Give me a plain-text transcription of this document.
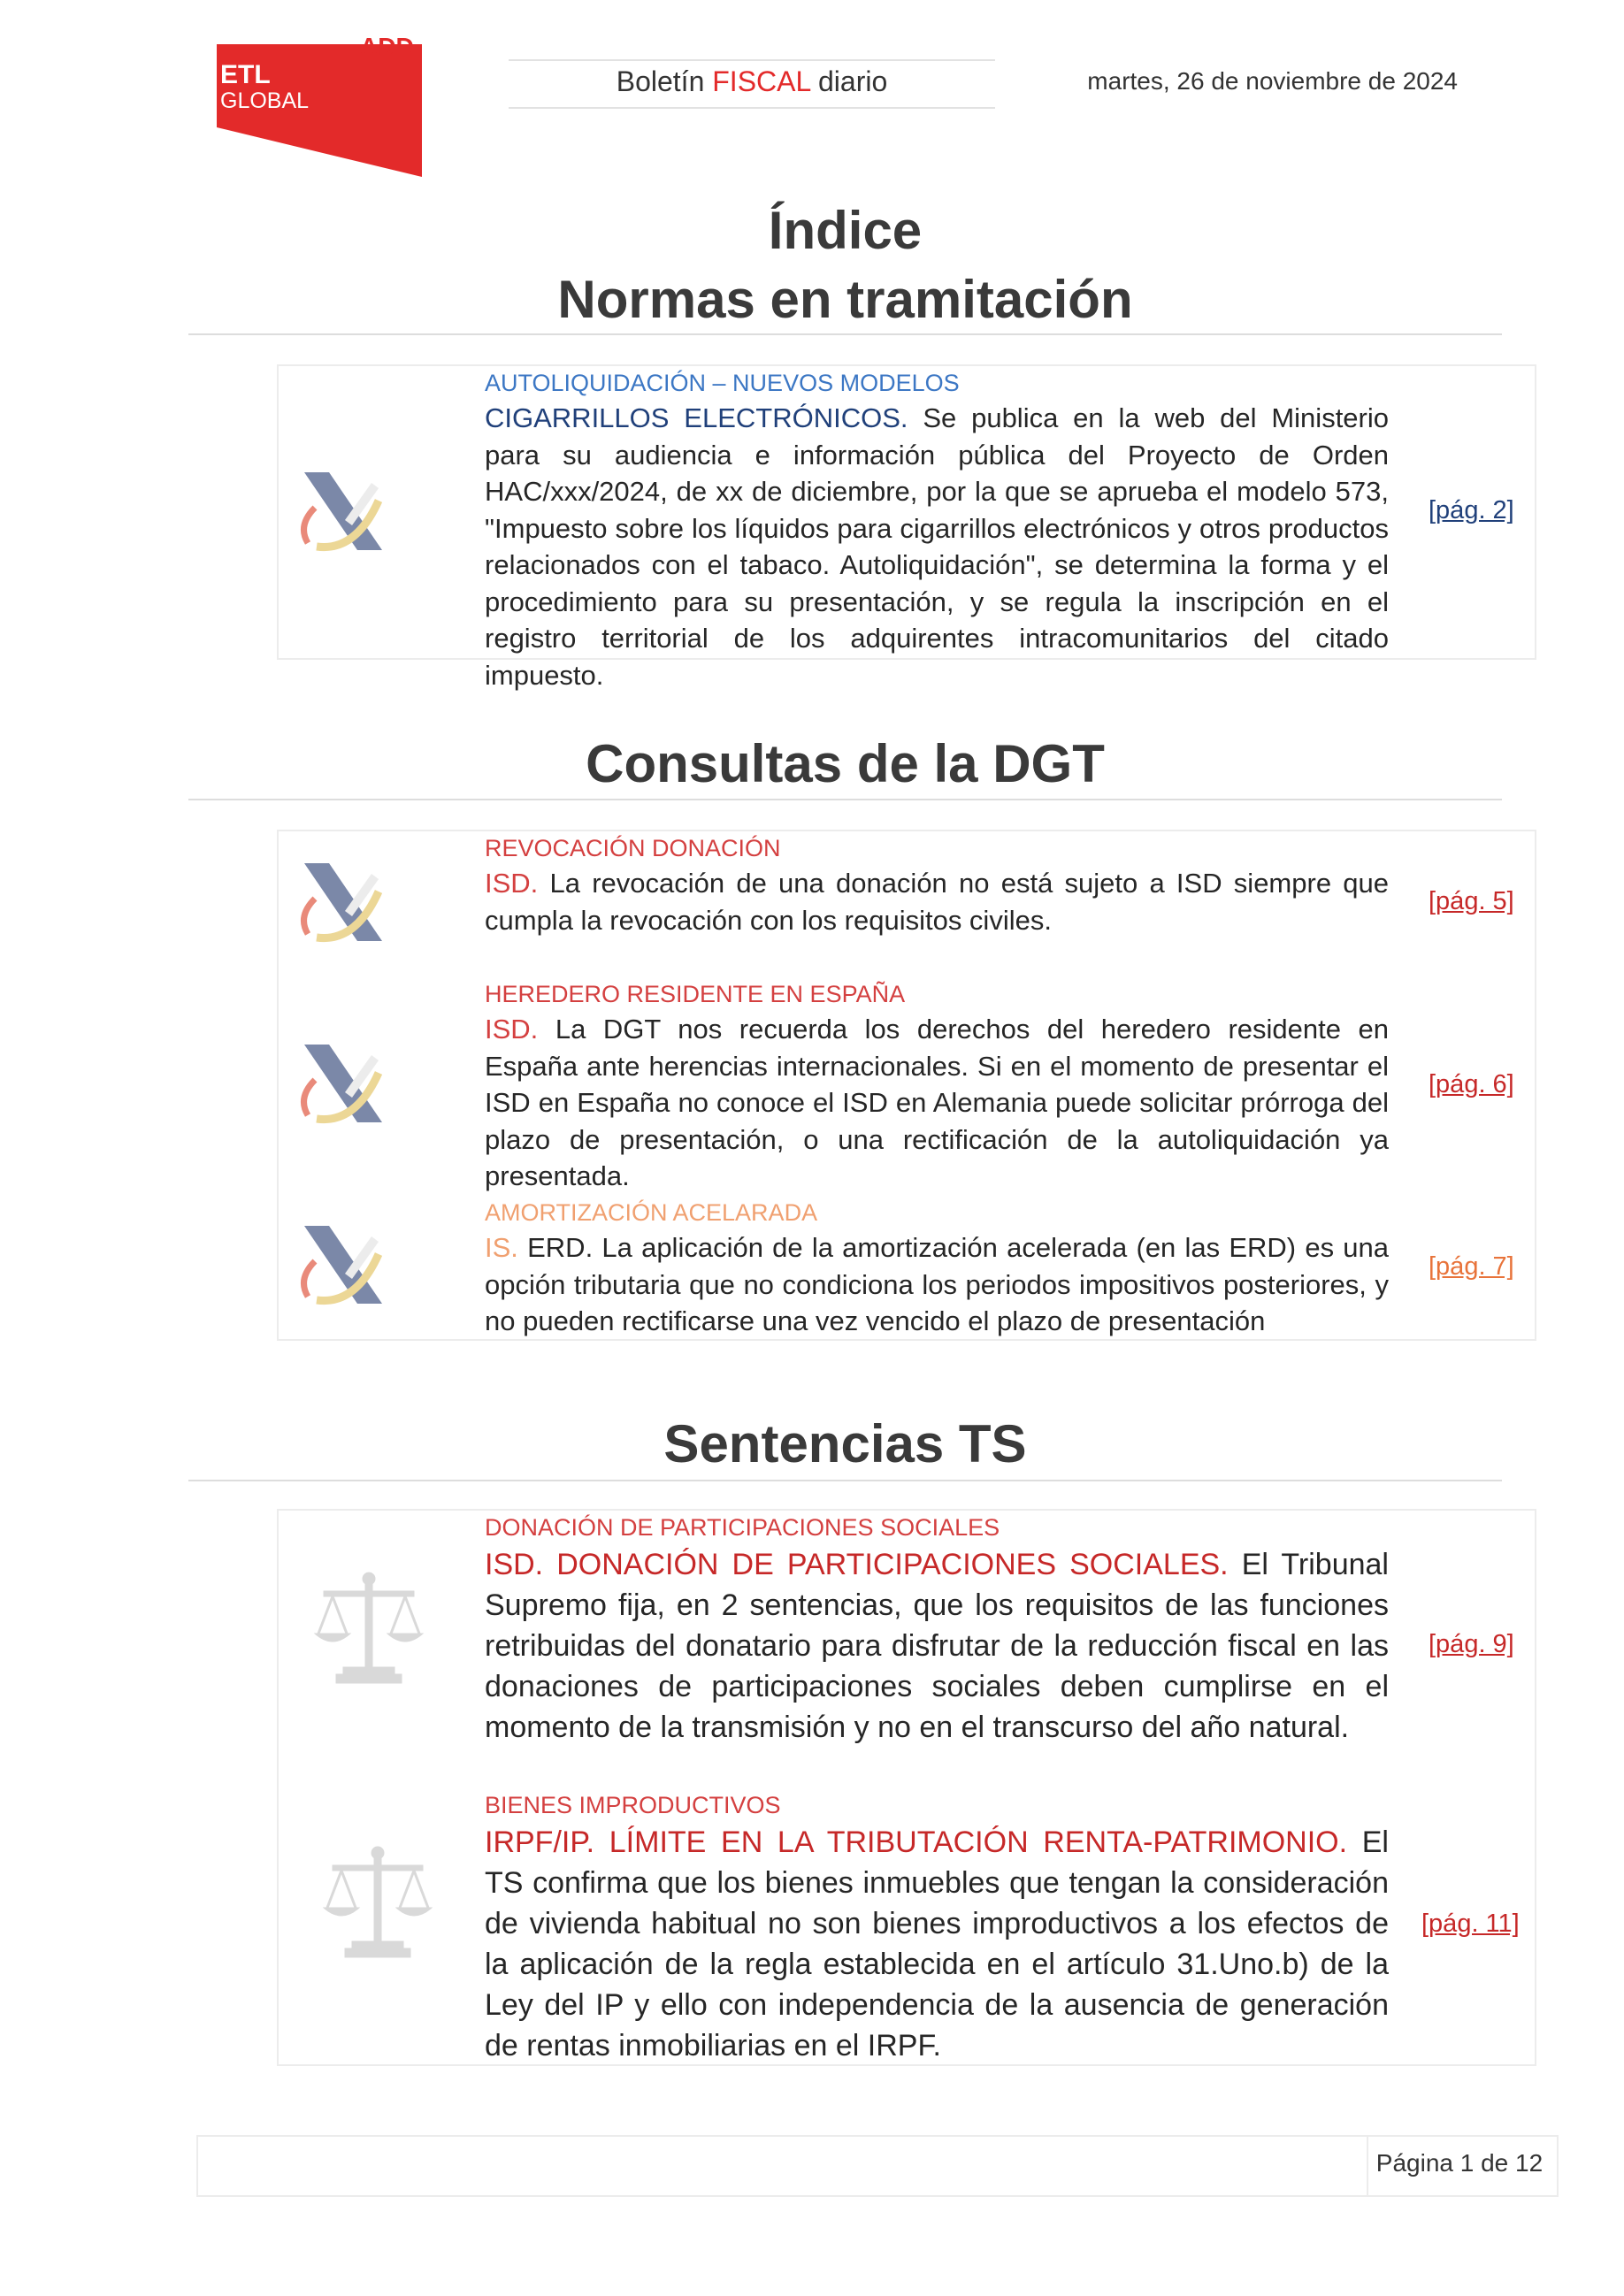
ETL
ADD
GLOBAL
Boletín FISCAL diario	martes, 26 de noviembre de 2024
Índice
Normas en tramitación
AUTOLIQUIDACIÓN – NUEVOS MODELOS
CIGARRILLOS ELECTRÓNICOS. Se publica en la web del Ministerio para su audiencia e información pública del Proyecto de Orden HAC/xxx/2024, de xx de diciembre, por la que se aprueba el modelo 573, "Impuesto sobre los líquidos para cigarrillos electrónicos y otros productos relacionados con el tabaco. Autoliquidación", se determina la forma y el procedimiento para su presentación, y se regula la inscripción en el registro territorial de los adquirentes intracomunitarios del citado impuesto.
[pág. 2]
Consultas de la DGT
REVOCACIÓN DONACIÓN
ISD. La revocación de una donación no está sujeto a ISD siempre que cumpla la revocación con los requisitos civiles.
[pág. 5]
HEREDERO RESIDENTE EN ESPAÑA
ISD. La DGT nos recuerda los derechos del heredero residente en España ante herencias internacionales. Si en el momento de presentar el ISD en España no conoce el ISD en Alemania puede solicitar prórroga del plazo de presentación, o una rectificación de la autoliquidación ya presentada.
[pág. 6]
AMORTIZACIÓN ACELARADA
IS. ERD. La aplicación de la amortización acelerada (en las ERD) es una opción tributaria que no condiciona los periodos impositivos posteriores, y no pueden rectificarse una vez vencido el plazo de presentación
[pág. 7]
Sentencias TS
DONACIÓN DE PARTICIPACIONES SOCIALES
ISD. DONACIÓN DE PARTICIPACIONES SOCIALES. El Tribunal Supremo fija, en 2 sentencias, que los requisitos de las funciones retribuidas del donatario para disfrutar de la reducción fiscal en las donaciones de participaciones sociales deben cumplirse en el momento de la transmisión y no en el transcurso del año natural.
[pág. 9]
BIENES IMPRODUCTIVOS
IRPF/IP. LÍMITE EN LA TRIBUTACIÓN RENTA-PATRIMONIO. El TS confirma que los bienes inmuebles que tengan la consideración de vivienda habitual no son bienes improductivos a los efectos de la aplicación de la regla establecida en el artículo 31.Uno.b) de la Ley del IP y ello con independencia de la ausencia de generación de rentas inmobiliarias en el IRPF.
[pág. 11]
Página 1 de 12
